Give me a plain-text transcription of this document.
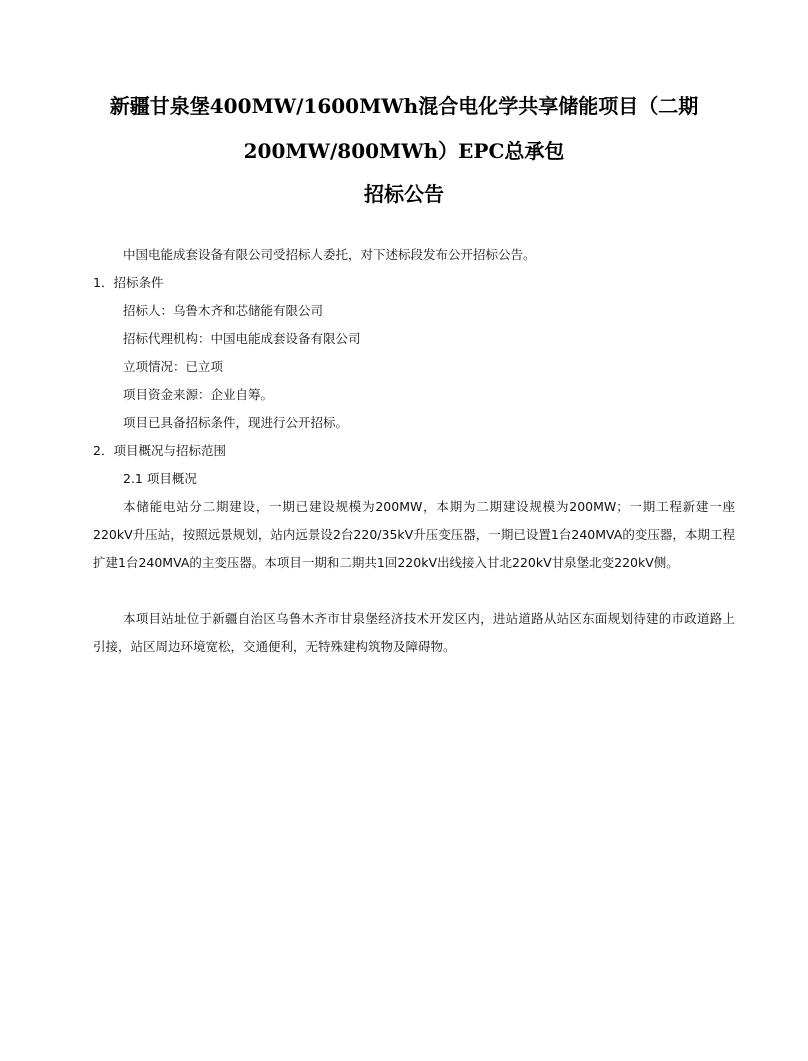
新疆甘泉堡400MW/1600MWh混合电化学共享储能项目（二期
200MW/800MWh）EPC总承包
招标公告
中国电能成套设备有限公司受招标人委托，对下述标段发布公开招标公告。
1．招标条件
招标人：乌鲁木齐和芯储能有限公司
招标代理机构：中国电能成套设备有限公司
立项情况：已立项
项目资金来源：企业自筹。
项目已具备招标条件，现进行公开招标。
2．项目概况与招标范围
2.1 项目概况
本储能电站分二期建设，一期已建设规模为200MW，本期为二期建设规模为200MW；一期工程新建一座220kV升压站，按照远景规划，站内远景设2台220/35kV升压变压器，一期已设置1台240MVA的变压器，本期工程扩建1台240MVA的主变压器。本项目一期和二期共1回220kV出线接入甘北220kV甘泉堡北变220kV侧。
本项目站址位于新疆自治区乌鲁木齐市甘泉堡经济技术开发区内，进站道路从站区东面规划待建的市政道路上引接，站区周边环境宽松，交通便利，无特殊建构筑物及障碍物。
